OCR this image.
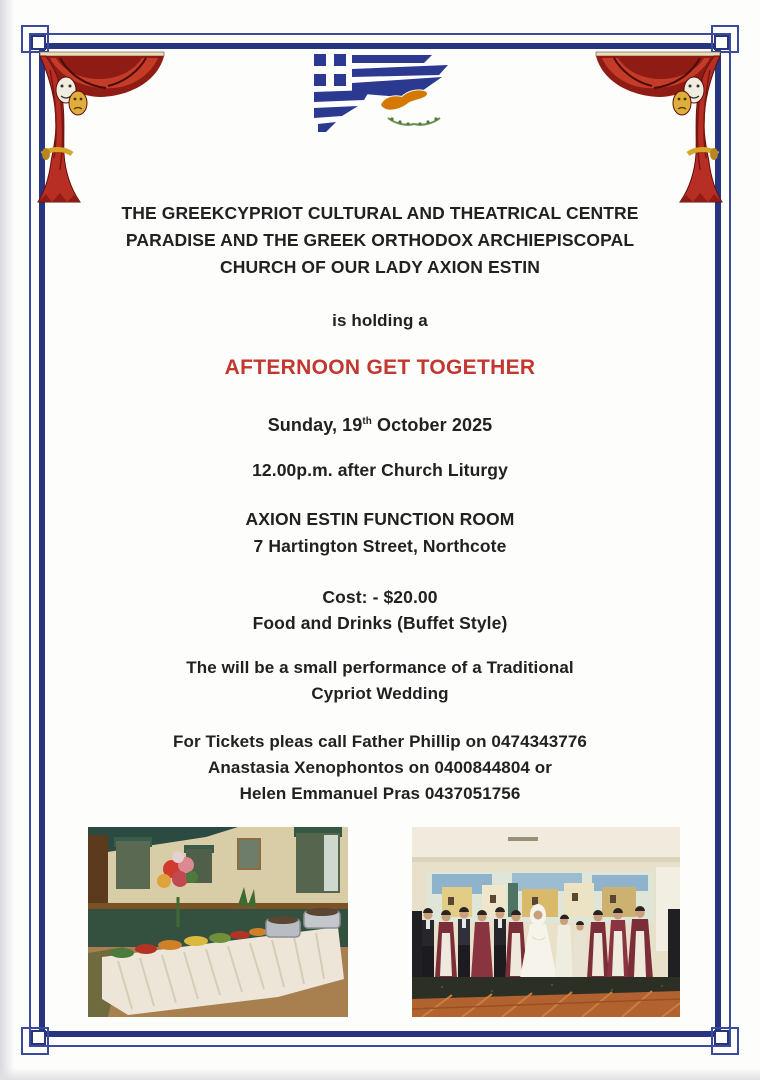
THE GREEKCYPRIOT CULTURAL AND THEATRICAL CENTRE
PARADISE AND THE GREEK ORTHODOX ARCHIEPISCOPAL
CHURCH OF OUR LADY AXION ESTIN
is holding a
AFTERNOON GET TOGETHER
Sunday, 19th October 2025
12.00p.m. after Church Liturgy
AXION ESTIN FUNCTION ROOM
7 Hartington Street, Northcote
Cost: - $20.00
Food and Drinks (Buffet Style)
The will be a small performance of a Traditional
Cypriot Wedding
For Tickets pleas call Father Phillip on 0474343776
Anastasia Xenophontos on 0400844804 or
Helen Emmanuel Pras 0437051756
